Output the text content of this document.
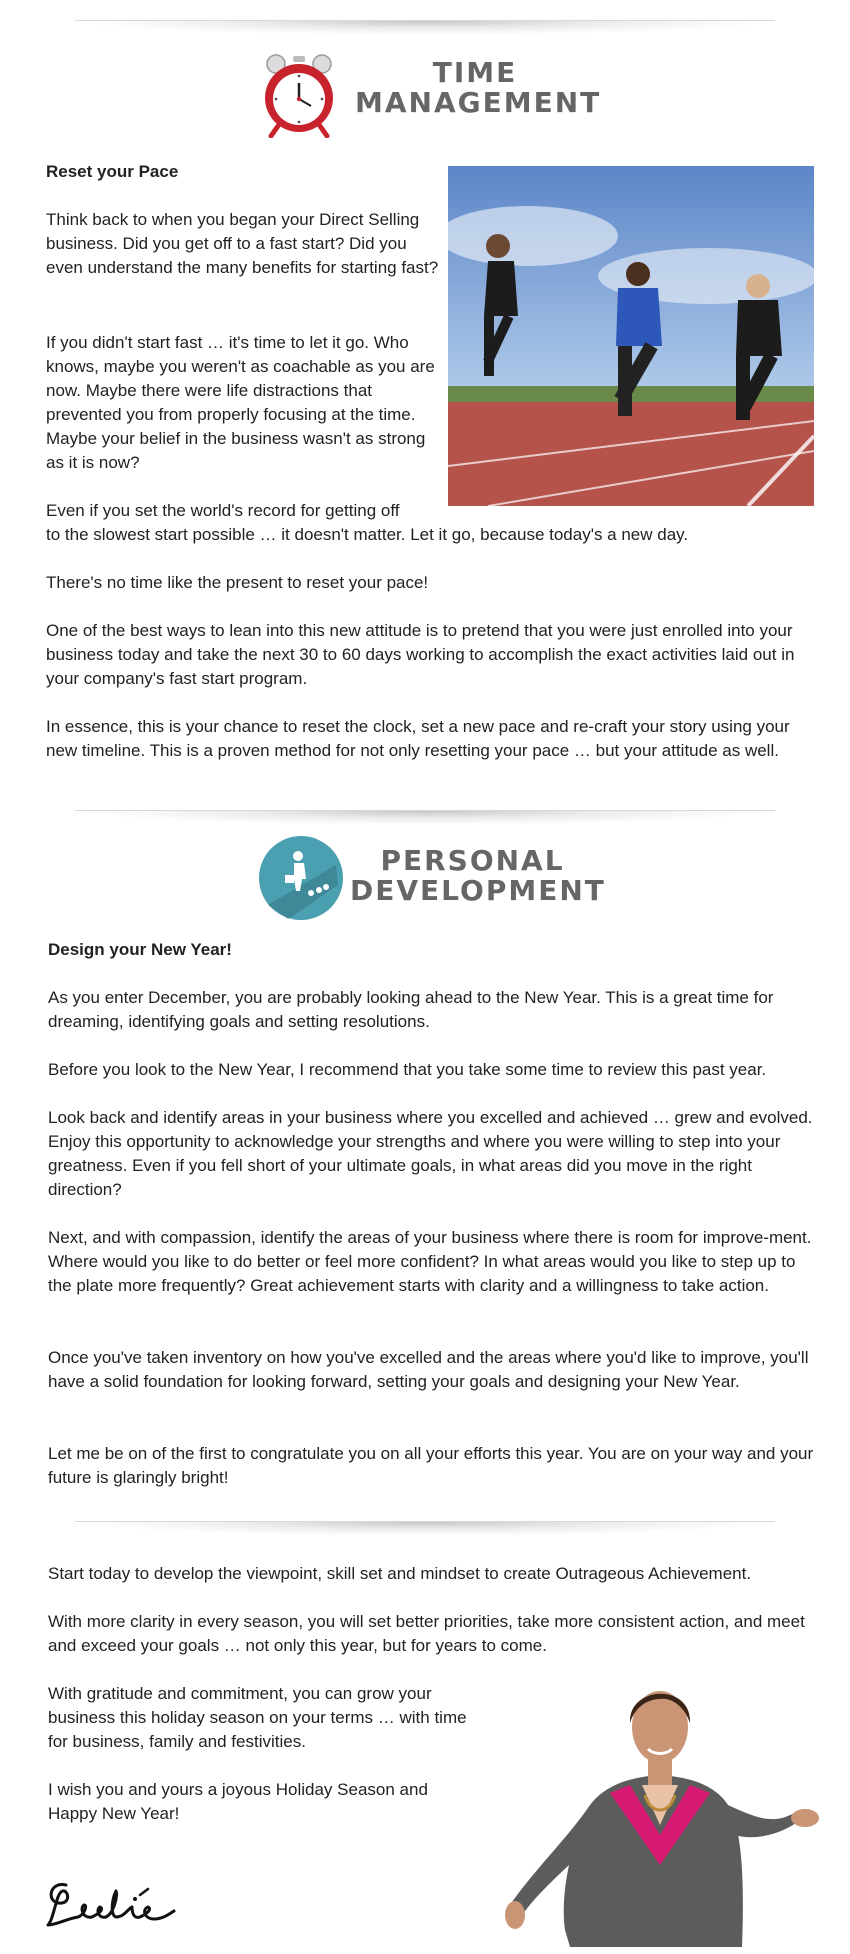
TIME
MANAGEMENT

Reset your Pace

Think back to when you began your Direct Selling business. Did you get off to a fast start? Did you even understand the many benefits for starting fast?

If you didn't start fast … it's time to let it go. Who knows, maybe you weren't as coachable as you are now. Maybe there were life distractions that prevented you from properly focusing at the time. Maybe your belief in the business wasn't as strong as it is now?

Even if you set the world's record for getting off

to the slowest start possible … it doesn't matter. Let it go, because today's a new day.

There's no time like the present to reset your pace!

One of the best ways to lean into this new attitude is to pretend that you were just enrolled into your business today and take the next 30 to 60 days working to accomplish the exact activities laid out in your company's fast start program.

In essence, this is your chance to reset the clock, set a new pace and re-craft your story using your new timeline. This is a proven method for not only resetting your pace … but your attitude as well.

PERSONAL
DEVELOPMENT

Design your New Year!

As you enter December, you are probably looking ahead to the New Year. This is a great time for dreaming, identifying goals and setting resolutions.

Before you look to the New Year, I recommend that you take some time to review this past year.

Look back and identify areas in your business where you excelled and achieved … grew and evolved. Enjoy this opportunity to acknowledge your strengths and where you were willing to step into your greatness. Even if you fell short of your ultimate goals, in what areas did you move in the right direction?

Next, and with compassion, identify the areas of your business where there is room for improve-ment. Where would you like to do better or feel more confident? In what areas would you like to step up to the plate more frequently? Great achievement starts with clarity and a willingness to take action.

Once you've taken inventory on how you've excelled and the areas where you'd like to improve, you'll have a solid foundation for looking forward, setting your goals and designing your New Year.

Let me be on of the first to congratulate you on all your efforts this year. You are on your way and your future is glaringly bright!

Start today to develop the viewpoint, skill set and mindset to create Outrageous Achievement.

With more clarity in every season, you will set better priorities, take more consistent action, and meet and exceed your goals … not only this year, but for years to come.

With gratitude and commitment, you can grow your business this holiday season on your terms … with time for business, family and festivities.

I wish you and yours a joyous Holiday Season and Happy New Year!
